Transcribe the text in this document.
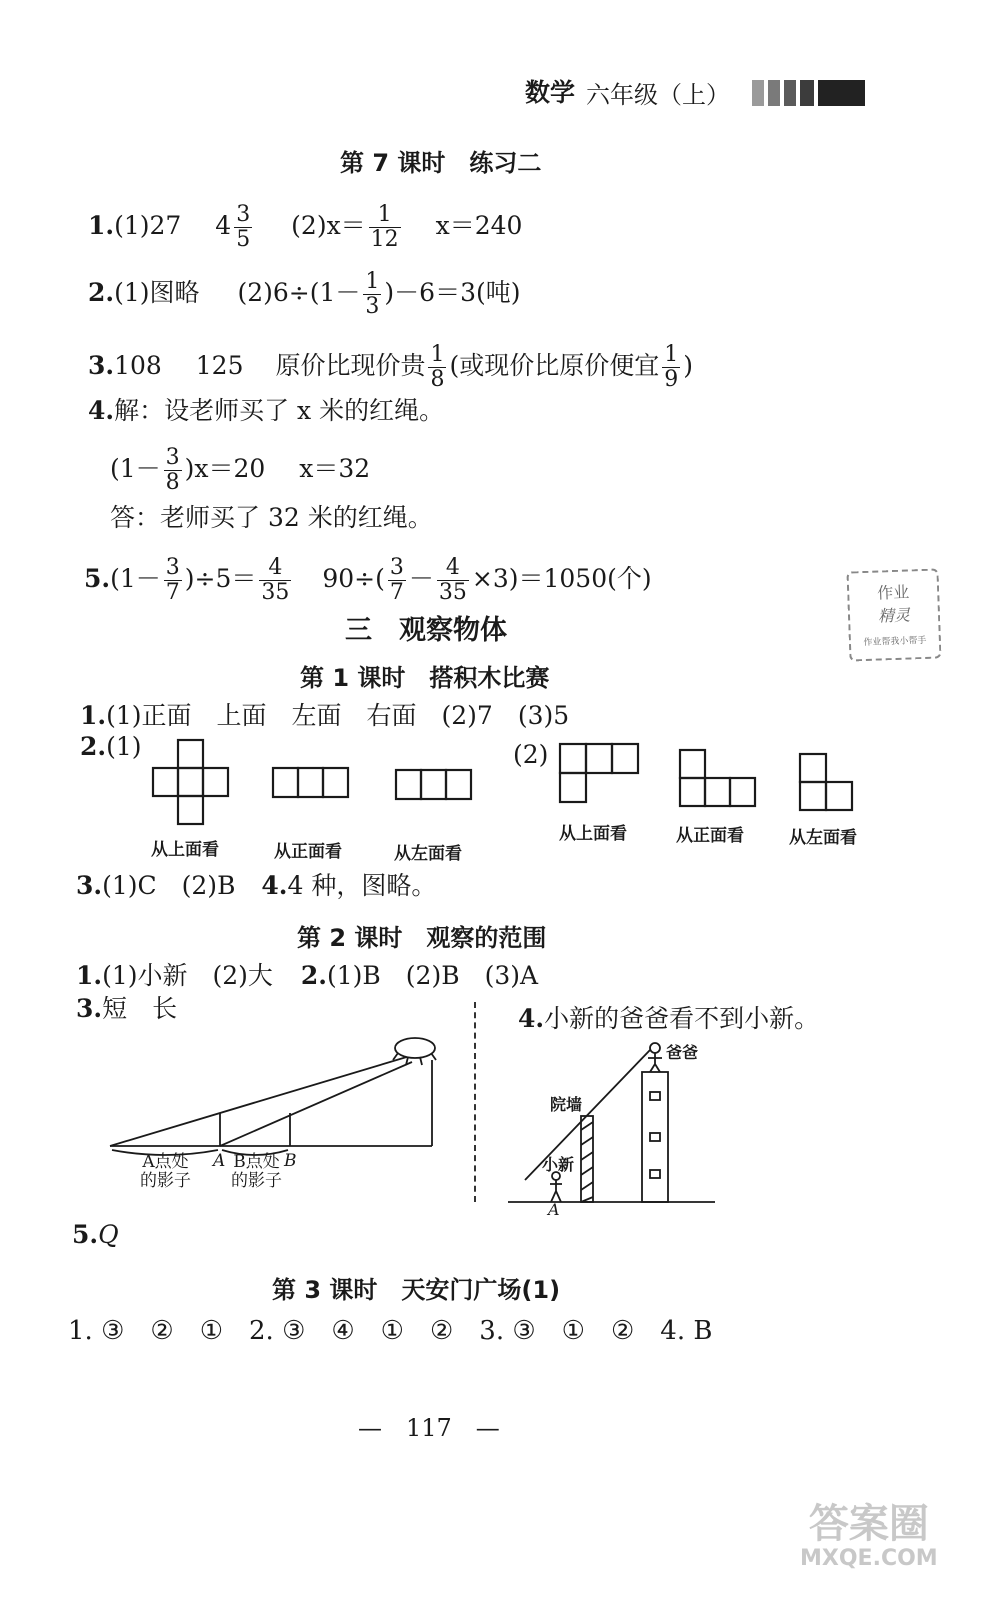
数学 六年级（上）
第 7 课时　练习二
1.(1)27 $4 \frac{3}{5} (2)x= \frac{1}{12} x=240$
2.(1)图略 $(2)6\div(1- \frac{1}{3} )-6=3$(吨)
3.108 125 原价比现价贵 $\frac{1}{8}$ (或现价比原价便宜 $\frac{1}{9}$ )
4.解：设老师买了 x 米的红绳。
$(1- \frac{3}{8} )x=20$ x＝32
答：老师买了 32 米的红绳。
$5.(1- \frac{3}{7} )\div 5= \frac{4}{35} 90\div( \frac{3}{7} - \frac{4}{35} \times 3)=1050$(个)	作业
精灵
作业帮我小帮手
三　观察物体
第 1 课时　搭积木比赛
1.(1)正面　上面　左面　右面　(2)7　(3)5
2.(1)	(2)
从上面看	从正面看	从左面看
从上面看	从正面看	从左面看
3.(1)C　(2)B 4.4 种，图略。
第 2 课时　观察的范围
1.(1)小新　(2)大 2.(1)B　(2)B　(3)A
3.短　长	4.小新的爸爸看不到小新。
A点处
的影子
A B点处
的影子
B
爸爸
院墙
小新
A
5.Q
第 3 课时　天安门广场(1)
1. ③　②　①　2. ③　④　①　②　3. ③　①　②　4. B
—　117　—
答案圈
MXQE.COM
